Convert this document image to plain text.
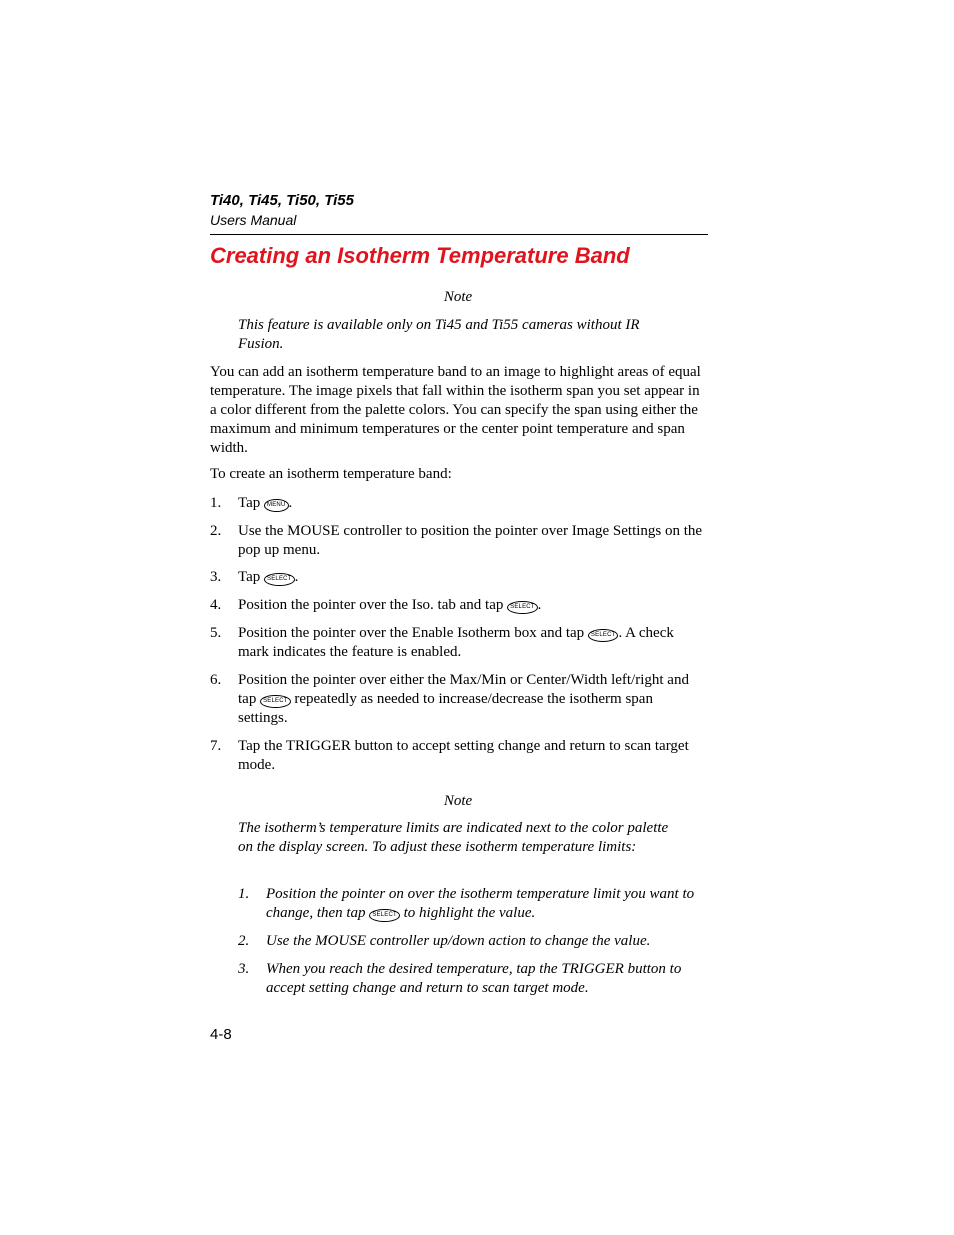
Ti40, Ti45, Ti50, Ti55
Users Manual
Creating an Isotherm Temperature Band
Note
This feature is available only on Ti45 and Ti55 cameras without IR Fusion.
You can add an isotherm temperature band to an image to highlight areas of equal temperature. The image pixels that fall within the isotherm span you set appear in a color different from the palette colors. You can specify the span using either the maximum and minimum temperatures or the center point temperature and span width.
To create an isotherm temperature band:
1.	Tap MENU .
2.	Use the MOUSE controller to position the pointer over Image Settings on the pop up menu.
3.	Tap SELECT .
4.	Position the pointer over the Iso. tab and tap SELECT .
5.	Position the pointer over the Enable Isotherm box and tap SELECT . A check mark indicates the feature is enabled.
6.	Position the pointer over either the Max/Min or Center/Width left/right and tap SELECT repeatedly as needed to increase/decrease the isotherm span settings.
7.	Tap the TRIGGER button to accept setting change and return to scan target mode.
Note
The isotherm’s temperature limits are indicated next to the color palette on the display screen. To adjust these isotherm temperature limits:
1.	Position the pointer on over the isotherm temperature limit you want to change, then tap SELECT to highlight the value.
2.	Use the MOUSE controller up/down action to change the value.
3.	When you reach the desired temperature, tap the TRIGGER button to accept setting change and return to scan target mode.
4-8
